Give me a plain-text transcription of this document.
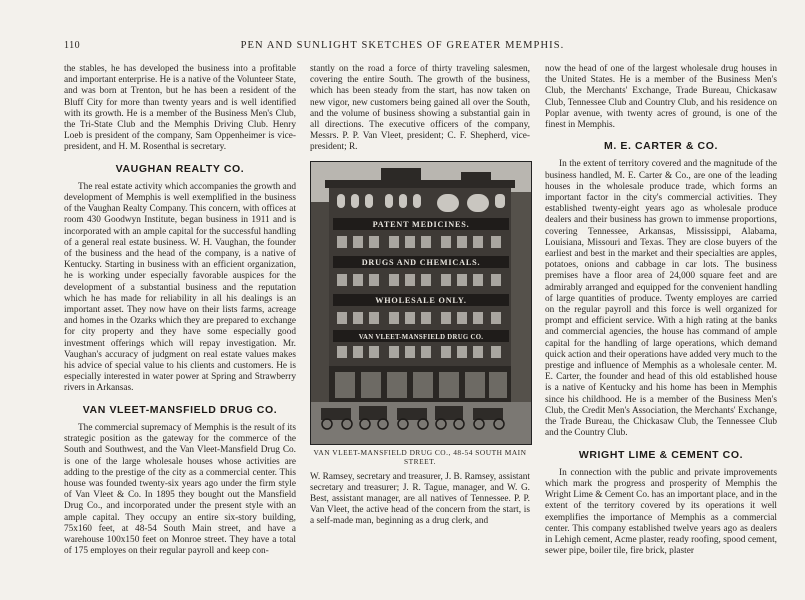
110	PEN AND SUNLIGHT SKETCHES OF GREATER MEMPHIS.

the stables, he has developed the business into a profitable and important enterprise. He is a native of the Volunteer State, and was born at Trenton, but he has been a resident of the Bluff City for more than twenty years and is well identified with its growth. He is a member of the Business Men's Club, the Tri-State Club and the Memphis Driving Club. Henry Loeb is president of the company, Sam Oppenheimer is vice-president, and H. M. Rosenthal is secretary.

VAUGHAN REALTY CO.

The real estate activity which accompanies the growth and development of Memphis is well exemplified in the business of the Vaughan Realty Company. This concern, with offices at room 430 Goodwyn Institute, began business in 1911 and is incorporated with an ample capital for the successful handling of a general real estate business. W. H. Vaughan, the founder of the business and the head of the company, is a native of Kentucky. Starting in business with an efficient organization, he is working under especially favorable auspices for the development of a substantial business and the reputation which he has made for reliability in all his dealings is an important asset. They now have on their lists farms, acreage and homes in the Ozarks which they are prepared to exchange for city property and they have some especially good investment offerings which will repay investigation. Mr. Vaughan's accuracy of judgment on real estate values makes his advice of special value to his clients and customers. He is especially interested in water power at Spring and Strawberry rivers in Arkansas.

VAN VLEET-MANSFIELD DRUG CO.

The commercial supremacy of Memphis is the result of its strategic position as the gateway for the commerce of the South and Southwest, and the Van Vleet-Mansfield Drug Co. is one of the large wholesale houses whose activities are adding to the prestige of the city as a commercial center. This house was founded twenty-six years ago under the firm style of Van Vleet & Co. In 1895 they bought out the Mansfield Drug Co., and incorporated under the present style with an ample capital. They occupy an entire six-story building, 75x160 feet, at 48-54 South Main street, and have a warehouse 100x150 feet on Monroe street. They have a total of 175 employes on their regular payroll and keep con-

stantly on the road a force of thirty traveling salesmen, covering the entire South. The growth of the business, which has been steady from the start, has now taken on new vigor, new customers being gained all over the South, and the volume of business showing a substantial gain in all directions. The executive officers of the company, Messrs. P. P. Van Vleet, president; C. F. Shepherd, vice-president; R.

PATENT MEDICINES.
DRUGS AND CHEMICALS.
WHOLESALE ONLY.
VAN VLEET-MANSFIELD DRUG CO.
VAN VLEET-MANSFIELD DRUG CO., 48-54 SOUTH MAIN STREET.

W. Ramsey, secretary and treasurer, J. B. Ramsey, assistant secretary and treasurer; J. R. Tague, manager, and W. G. Best, assistant manager, are all natives of Tennessee. P. P. Van Vleet, the active head of the concern from the start, is a self-made man, beginning as a drug clerk, and

now the head of one of the largest wholesale drug houses in the United States. He is a member of the Business Men's Club, the Merchants' Exchange, Trade Bureau, Chickasaw Club, Tennessee Club and Country Club, and his residence on Poplar avenue, with twenty acres of ground, is one of the finest in Memphis.

M. E. CARTER & CO.

In the extent of territory covered and the magnitude of the business handled, M. E. Carter & Co., are one of the leading houses in the wholesale produce trade, which forms an important factor in the city's commercial activities. They established twenty-eight years ago as wholesale produce dealers and their business has grown to immense proportions, covering Tennessee, Arkansas, Mississippi, Alabama, Louisiana, Missouri and Texas. They are close buyers of the earliest and best in the market and their specialties are apples, potatoes, onions and cabbage in car lots. The business premises have a floor area of 24,000 square feet and are admirably arranged and equipped for the convenient handling of large quantities of produce. Twenty employes are carried on the regular payroll and this force is well organized for prompt and efficient service. With a high rating at the banks and commercial agencies, the house has command of ample capital for the handling of large operations, which demand quick action and their operations have added very much to the prestige and influence of Memphis as a wholesale center. M. E. Carter, the founder and head of this old established house is a native of Kentucky and his home has been in Memphis since his childhood. He is a member of the Business Men's Club, the Credit Men's Association, the Merchants' Exchange, the Trade Bureau, the Chickasaw Club, the Tennessee Club and the Country Club.

WRIGHT LIME & CEMENT CO.

In connection with the public and private improvements which mark the progress and prosperity of Memphis the Wright Lime & Cement Co. has an important place, and in the extent of the territory covered by its operations it well exemplifies the importance of Memphis as a commercial center. This company established twelve years ago as dealers in Lehigh cement, Acme plaster, ready roofing, spood cement, sewer pipe, boiler tile, fire brick, plaster
